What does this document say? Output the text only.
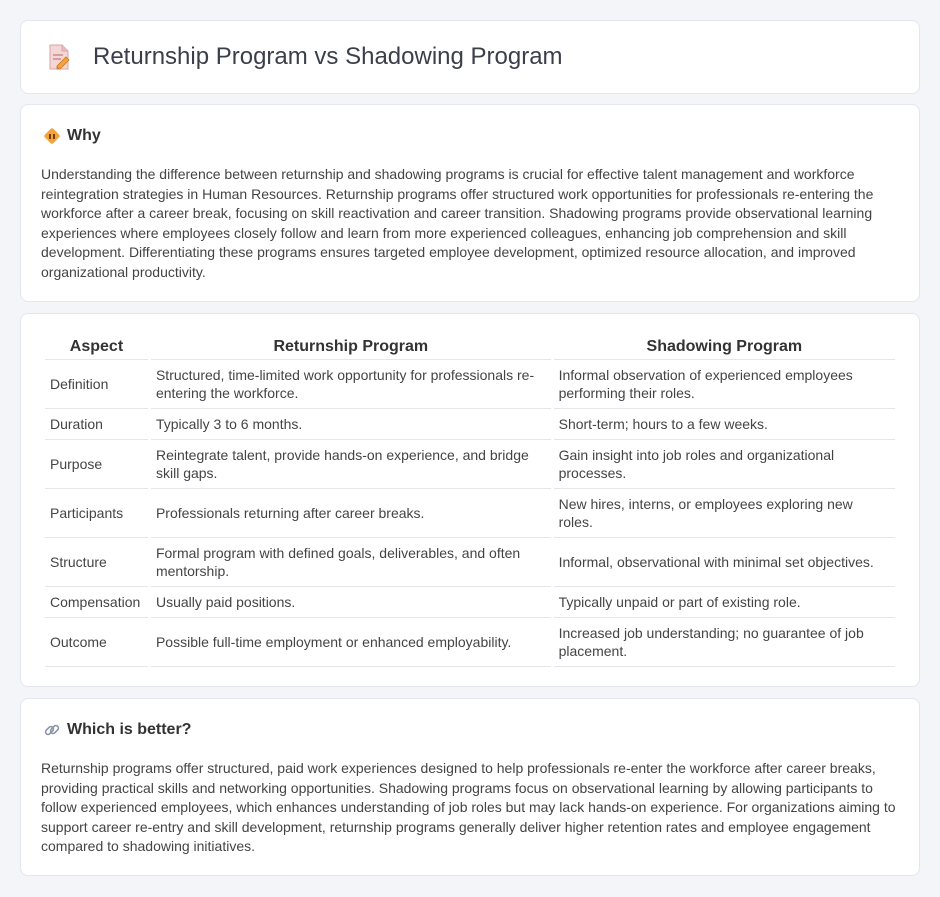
Returnship Program vs Shadowing Program
Why

Understanding the difference between returnship and shadowing programs is crucial for effective talent management and workforce reintegration strategies in Human Resources. Returnship programs offer structured work opportunities for professionals re-entering the workforce after a career break, focusing on skill reactivation and career transition. Shadowing programs provide observational learning experiences where employees closely follow and learn from more experienced colleagues, enhancing job comprehension and skill development. Differentiating these programs ensures targeted employee development, optimized resource allocation, and improved organizational productivity.

Aspect	Returnship Program	Shadowing Program
Definition	Structured, time-limited work opportunity for professionals re-entering the workforce.	Informal observation of experienced employees performing their roles.
Duration	Typically 3 to 6 months.	Short-term; hours to a few weeks.
Purpose	Reintegrate talent, provide hands-on experience, and bridge skill gaps.	Gain insight into job roles and organizational processes.
Participants	Professionals returning after career breaks.	New hires, interns, or employees exploring new roles.
Structure	Formal program with defined goals, deliverables, and often mentorship.	Informal, observational with minimal set objectives.
Compensation	Usually paid positions.	Typically unpaid or part of existing role.
Outcome	Possible full-time employment or enhanced employability.	Increased job understanding; no guarantee of job placement.
Which is better?

Returnship programs offer structured, paid work experiences designed to help professionals re-enter the workforce after career breaks, providing practical skills and networking opportunities. Shadowing programs focus on observational learning by allowing participants to follow experienced employees, which enhances understanding of job roles but may lack hands-on experience. For organizations aiming to support career re-entry and skill development, returnship programs generally deliver higher retention rates and employee engagement compared to shadowing initiatives.
